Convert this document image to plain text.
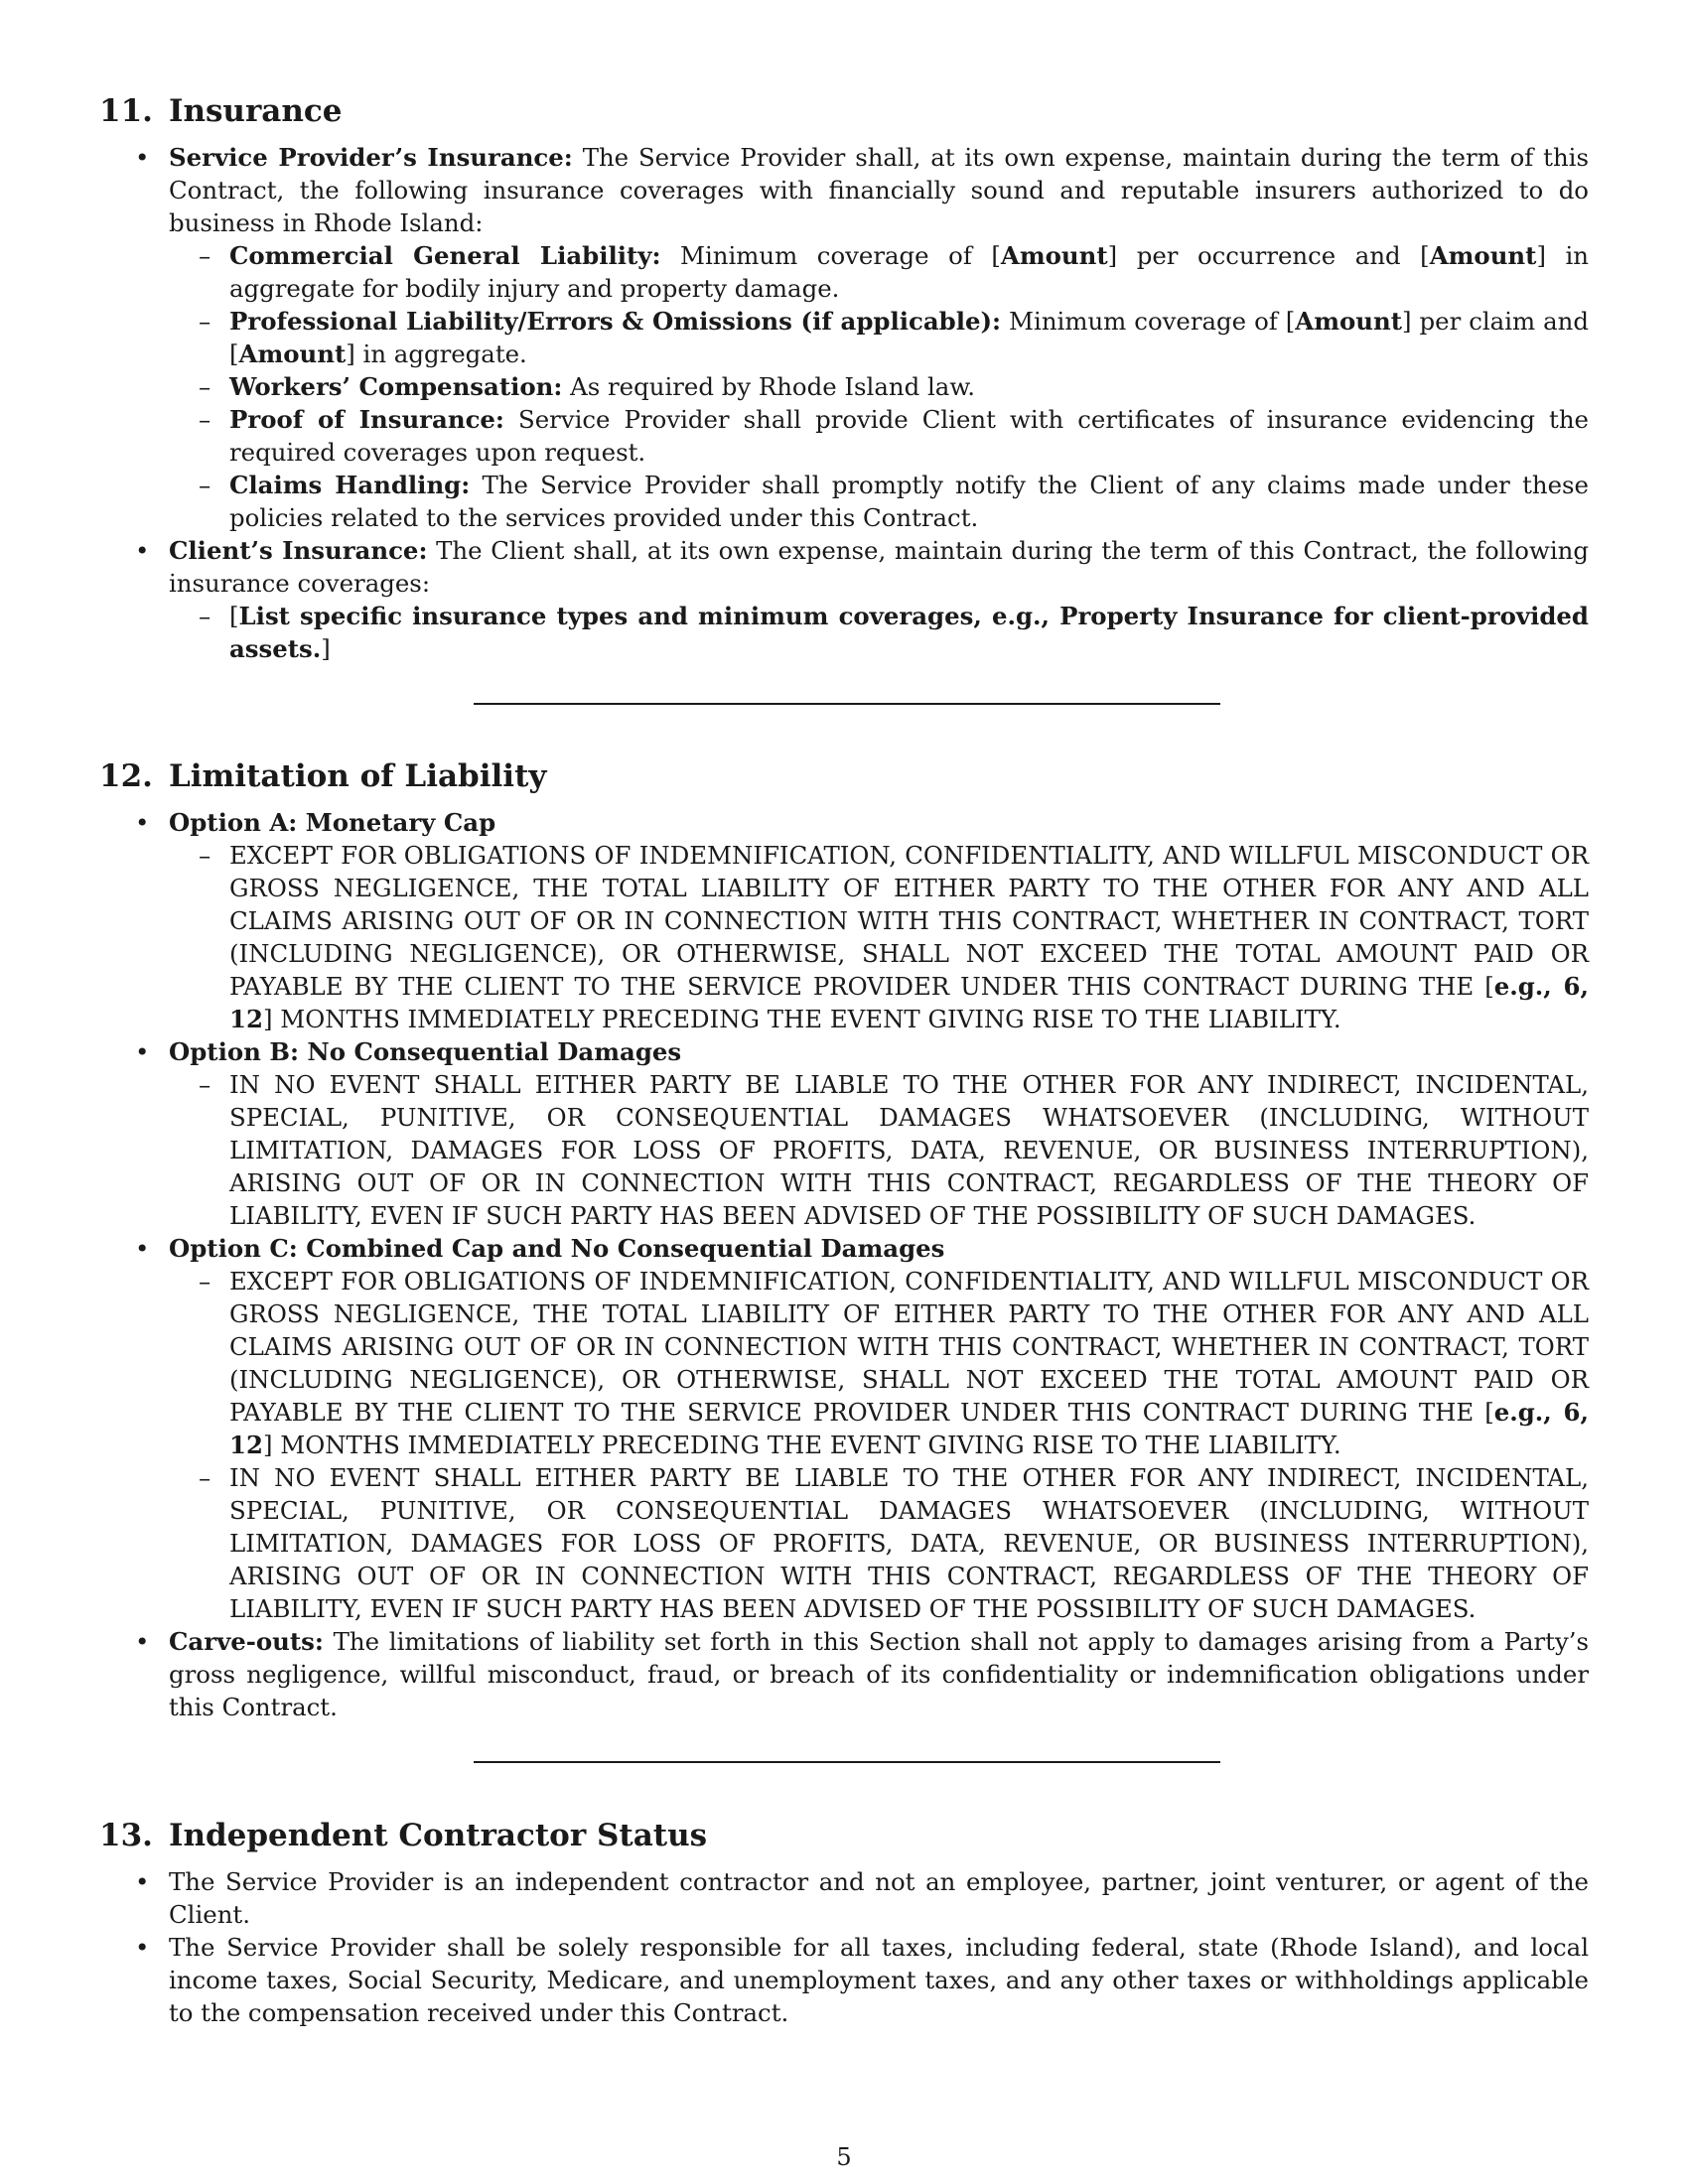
11. Insurance
• Service Provider’s Insurance: The Service Provider shall, at its own expense, maintain during the term of this Contract, the following insurance coverages with financially sound and reputable insurers authorized to do business in Rhode Island:
– Commercial General Liability: Minimum coverage of [Amount] per occurrence and [Amount] in aggregate for bodily injury and property damage.
– Professional Liability/Errors & Omissions (if applicable): Minimum coverage of [Amount] per claim and [Amount] in aggregate.
– Workers’ Compensation: As required by Rhode Island law.
– Proof of Insurance: Service Provider shall provide Client with certificates of insurance evidencing the required coverages upon request.
– Claims Handling: The Service Provider shall promptly notify the Client of any claims made under these policies related to the services provided under this Contract.
• Client’s Insurance: The Client shall, at its own expense, maintain during the term of this Contract, the following insurance coverages:
– [List specific insurance types and minimum coverages, e.g., Property Insurance for client-provided assets.]
12. Limitation of Liability
• Option A: Monetary Cap
– EXCEPT FOR OBLIGATIONS OF INDEMNIFICATION, CONFIDENTIALITY, AND WILLFUL MISCONDUCT OR GROSS NEGLIGENCE, THE TOTAL LIABILITY OF EITHER PARTY TO THE OTHER FOR ANY AND ALL CLAIMS ARISING OUT OF OR IN CONNECTION WITH THIS CONTRACT, WHETHER IN CONTRACT, TORT (INCLUDING NEGLIGENCE), OR OTHERWISE, SHALL NOT EXCEED THE TOTAL AMOUNT PAID OR PAYABLE BY THE CLIENT TO THE SERVICE PROVIDER UNDER THIS CONTRACT DURING THE [e.g., 6, 12] MONTHS IMMEDIATELY PRECEDING THE EVENT GIVING RISE TO THE LIABILITY.
• Option B: No Consequential Damages
– IN NO EVENT SHALL EITHER PARTY BE LIABLE TO THE OTHER FOR ANY INDIRECT, INCIDENTAL, SPECIAL, PUNITIVE, OR CONSEQUENTIAL DAMAGES WHATSOEVER (INCLUDING, WITHOUT LIMITATION, DAMAGES FOR LOSS OF PROFITS, DATA, REVENUE, OR BUSINESS INTERRUPTION), ARISING OUT OF OR IN CONNECTION WITH THIS CONTRACT, REGARDLESS OF THE THEORY OF LIABILITY, EVEN IF SUCH PARTY HAS BEEN ADVISED OF THE POSSIBILITY OF SUCH DAMAGES.
• Option C: Combined Cap and No Consequential Damages
– EXCEPT FOR OBLIGATIONS OF INDEMNIFICATION, CONFIDENTIALITY, AND WILLFUL MISCONDUCT OR GROSS NEGLIGENCE, THE TOTAL LIABILITY OF EITHER PARTY TO THE OTHER FOR ANY AND ALL CLAIMS ARISING OUT OF OR IN CONNECTION WITH THIS CONTRACT, WHETHER IN CONTRACT, TORT (INCLUDING NEGLIGENCE), OR OTHERWISE, SHALL NOT EXCEED THE TOTAL AMOUNT PAID OR PAYABLE BY THE CLIENT TO THE SERVICE PROVIDER UNDER THIS CONTRACT DURING THE [e.g., 6, 12] MONTHS IMMEDIATELY PRECEDING THE EVENT GIVING RISE TO THE LIABILITY.
– IN NO EVENT SHALL EITHER PARTY BE LIABLE TO THE OTHER FOR ANY INDIRECT, INCIDENTAL, SPECIAL, PUNITIVE, OR CONSEQUENTIAL DAMAGES WHATSOEVER (INCLUDING, WITHOUT LIMITATION, DAMAGES FOR LOSS OF PROFITS, DATA, REVENUE, OR BUSINESS INTERRUPTION), ARISING OUT OF OR IN CONNECTION WITH THIS CONTRACT, REGARDLESS OF THE THEORY OF LIABILITY, EVEN IF SUCH PARTY HAS BEEN ADVISED OF THE POSSIBILITY OF SUCH DAMAGES.
• Carve-outs: The limitations of liability set forth in this Section shall not apply to damages arising from a Party’s gross negligence, willful misconduct, fraud, or breach of its confidentiality or indemnification obligations under this Contract.
13. Independent Contractor Status
• The Service Provider is an independent contractor and not an employee, partner, joint venturer, or agent of the Client.
• The Service Provider shall be solely responsible for all taxes, including federal, state (Rhode Island), and local income taxes, Social Security, Medicare, and unemployment taxes, and any other taxes or withholdings applicable to the compensation received under this Contract.
5
